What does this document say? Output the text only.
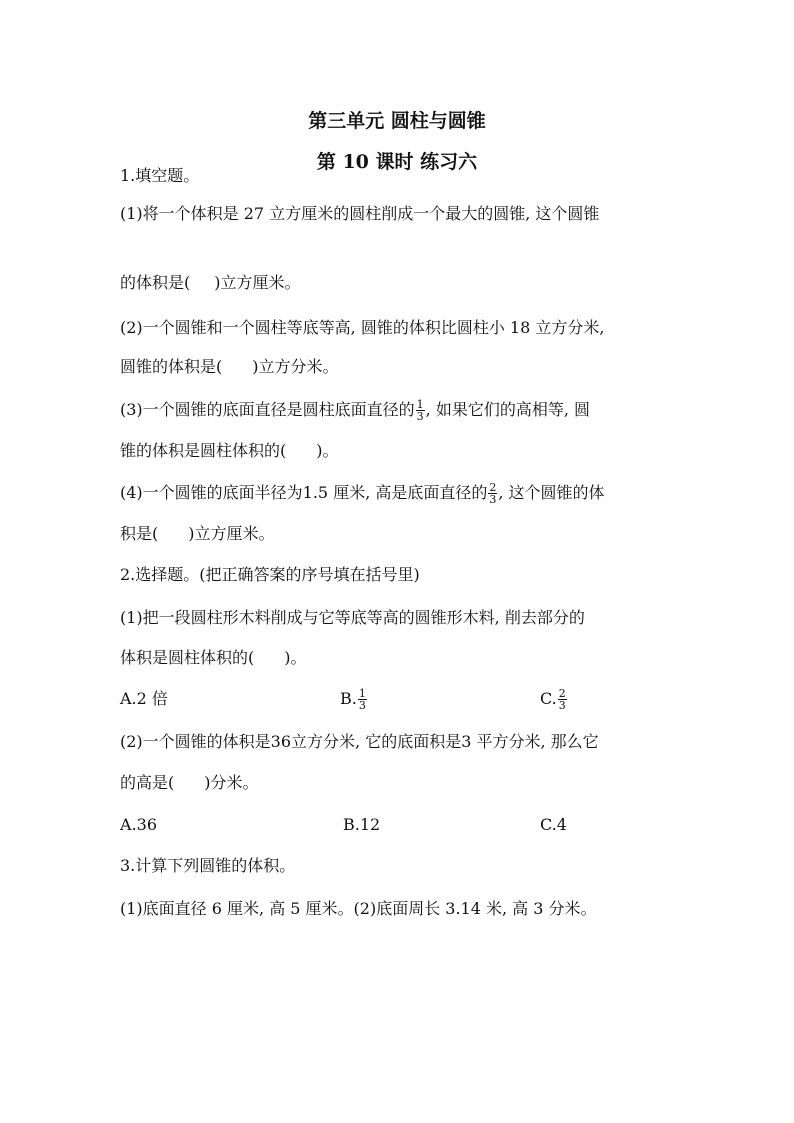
第三单元 圆柱与圆锥
第 10 课时 练习六
1.填空题。
(1)将一个体积是 27 立方厘米的圆柱削成一个最大的圆锥, 这个圆锥
的体积是( )立方厘米。
(2)一个圆锥和一个圆柱等底等高, 圆锥的体积比圆柱小 18 立方分米,
圆锥的体积是( )立方分米。
(3)一个圆锥的底面直径是圆柱底面直径的 $\frac{1}{3}$ , 如果它们的高相等, 圆
锥的体积是圆柱体积的( )。
(4)一个圆锥的底面半径为1.5 厘米, 高是底面直径的 $\frac{2}{3}$ , 这个圆锥的体
积是( )立方厘米。
2.选择题。(把正确答案的序号填在括号里)
(1)把一段圆柱形木料削成与它等底等高的圆锥形木料, 削去部分的
体积是圆柱体积的( )。
A.2 倍	B. $\frac{1}{3}$	C. $\frac{2}{3}$
(2)一个圆锥的体积是36立方分米, 它的底面积是3 平方分米, 那么它
的高是( )分米。
A.36	B.12	C.4
3.计算下列圆锥的体积。
(1)底面直径 6 厘米, 高 5 厘米。(2)底面周长 3.14 米, 高 3 分米。
